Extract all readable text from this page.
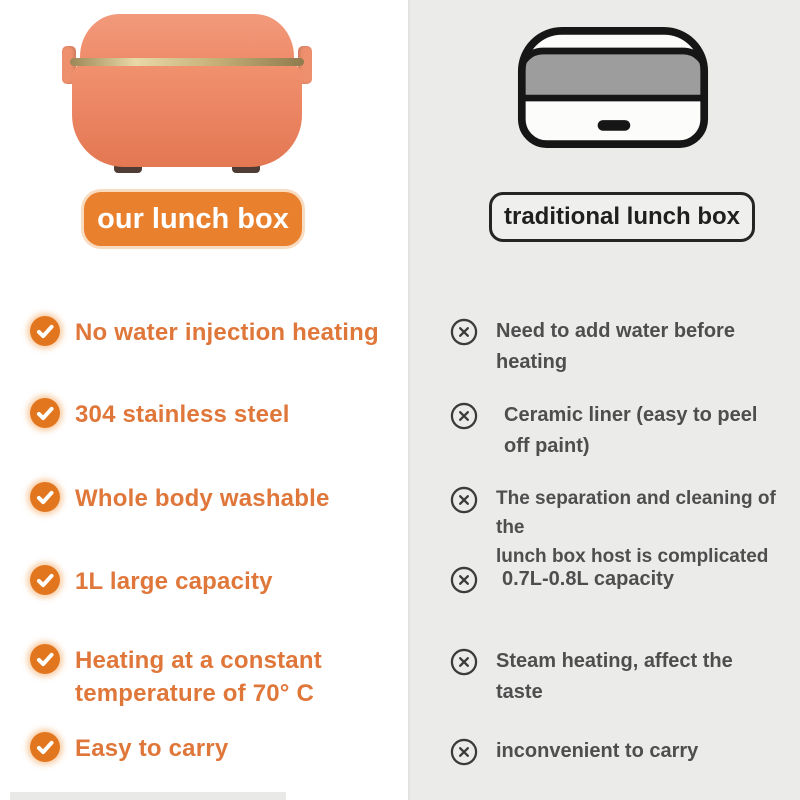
our lunch box
No water injection heating
304 stainless steel
Whole body washable
1L large capacity
Heating at a constant
temperature of 70° C
Easy to carry
traditional lunch box
Need to add water before
heating
Ceramic liner (easy to peel
off paint)
The separation and cleaning of the
lunch box host is complicated
0.7L-0.8L capacity
Steam heating, affect the taste
inconvenient to carry
